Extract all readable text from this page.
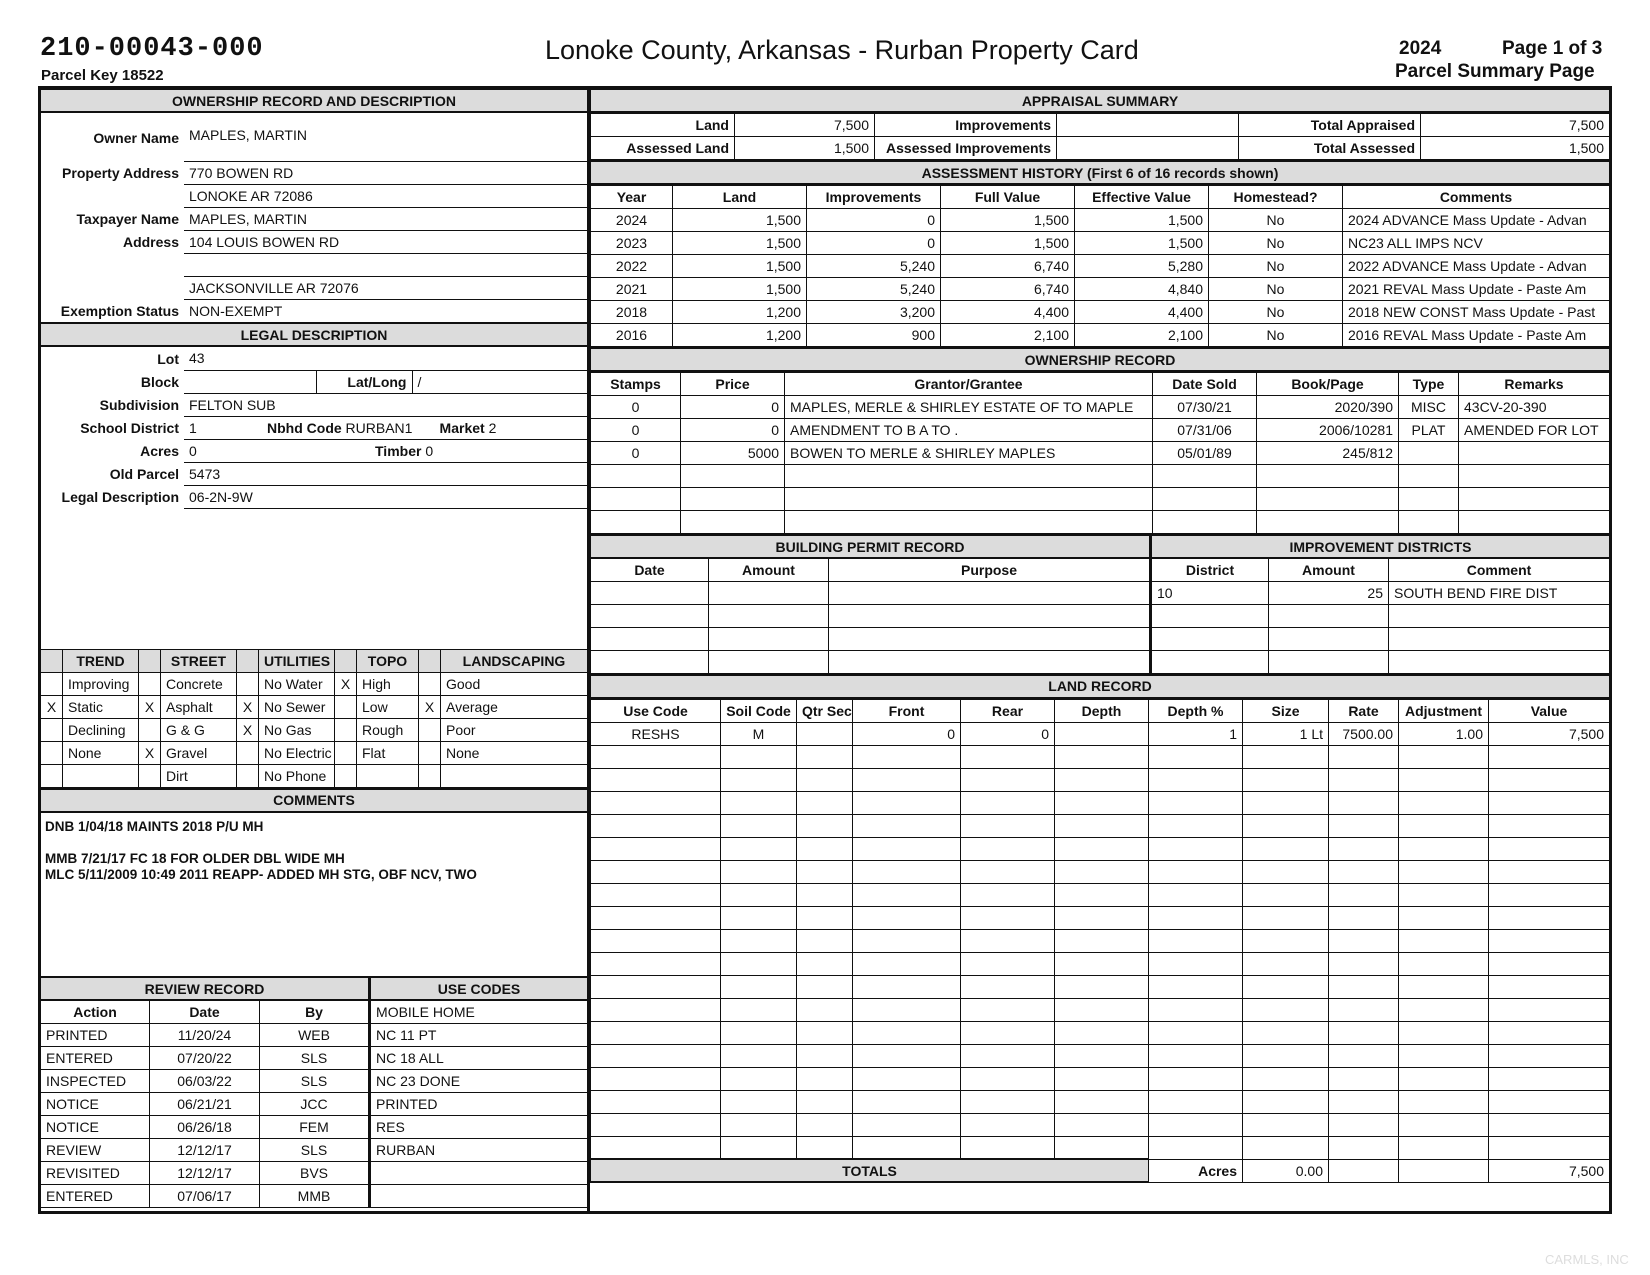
210-00043-000
Parcel Key 18522
Lonoke County, Arkansas - Rurban Property Card	2024	Page 1 of 3
Parcel Summary Page
OWNERSHIP RECORD AND DESCRIPTION
Owner Name	MAPLES, MARTIN
Property Address	770 BOWEN RD
	LONOKE AR 72086
Taxpayer Name	MAPLES, MARTIN
Address	104 LOUIS BOWEN RD

	JACKSONVILLE AR 72076
Exemption Status	NON-EXEMPT
LEGAL DESCRIPTION
Lot	43		
Block		Lat/Long	/
Subdivision	FELTON SUB		
School District	1 Nbhd Code RURBAN1 Market 2		
Acres	0 Timber 0		
Old Parcel	5473		
Legal Description	06-2N-9W		
	TREND		STREET		UTILITIES		TOPO		LANDSCAPING
	Improving		Concrete		No Water	X	High		Good
X	Static	X	Asphalt	X	No Sewer		Low	X	Average
	Declining		G & G	X	No Gas		Rough		Poor
	None	X	Gravel		No Electric		Flat		None
			Dirt		No Phone				
COMMENTS
DNB 1/04/18 MAINTS 2018 P/U MH
MMB 7/21/17 FC 18 FOR OLDER DBL WIDE MH
MLC 5/11/2009 10:49 2011 REAPP- ADDED MH STG, OBF NCV, TWO
REVIEW RECORD			USE CODES
Action	Date	By	MOBILE HOME
PRINTED	11/20/24	WEB	NC 11 PT
ENTERED	07/20/22	SLS	NC 18 ALL
INSPECTED	06/03/22	SLS	NC 23 DONE
NOTICE	06/21/21	JCC	PRINTED
NOTICE	06/26/18	FEM	RES
REVIEW	12/12/17	SLS	RURBAN
REVISITED	12/12/17	BVS	
ENTERED	07/06/17	MMB	
APPRAISAL SUMMARY
Land	7,500	Improvements		Total Appraised	7,500
Assessed Land	1,500	Assessed Improvements		Total Assessed	1,500
ASSESSMENT HISTORY (First 6 of 16 records shown)
Year	Land	Improvements	Full Value	Effective Value	Homestead?	Comments
2024	1,500	0	1,500	1,500	No	2024 ADVANCE Mass Update - Advan
2023	1,500	0	1,500	1,500	No	NC23 ALL IMPS NCV
2022	1,500	5,240	6,740	5,280	No	2022 ADVANCE Mass Update - Advan
2021	1,500	5,240	6,740	4,840	No	2021 REVAL Mass Update - Paste Am
2018	1,200	3,200	4,400	4,400	No	2018 NEW CONST Mass Update - Past
2016	1,200	900	2,100	2,100	No	2016 REVAL Mass Update - Paste Am
OWNERSHIP RECORD
Stamps	Price	Grantor/Grantee	Date Sold	Book/Page	Type	Remarks
0	0	MAPLES, MERLE & SHIRLEY ESTATE OF TO MAPLE	07/30/21	2020/390	MISC	43CV-20-390
0	0	AMENDMENT TO B A TO .	07/31/06	2006/10281	PLAT	AMENDED FOR LOT
0	5000	BOWEN TO MERLE & SHIRLEY MAPLES	05/01/89	245/812		

BUILDING PERMIT RECORD			IMPROVEMENT DISTRICTS		
Date	Amount	Purpose	District	Amount	Comment
			10	25	SOUTH BEND FIRE DIST

LAND RECORD
Use Code	Soil Code	Qtr Sec	Front	Rear	Depth	Depth %	Size	Rate	Adjustment	Value
RESHS	M		0	0		1	1 Lt	7500.00	1.00	7,500

TOTALS						Acres	0.00			7,500
CARMLS, INC
